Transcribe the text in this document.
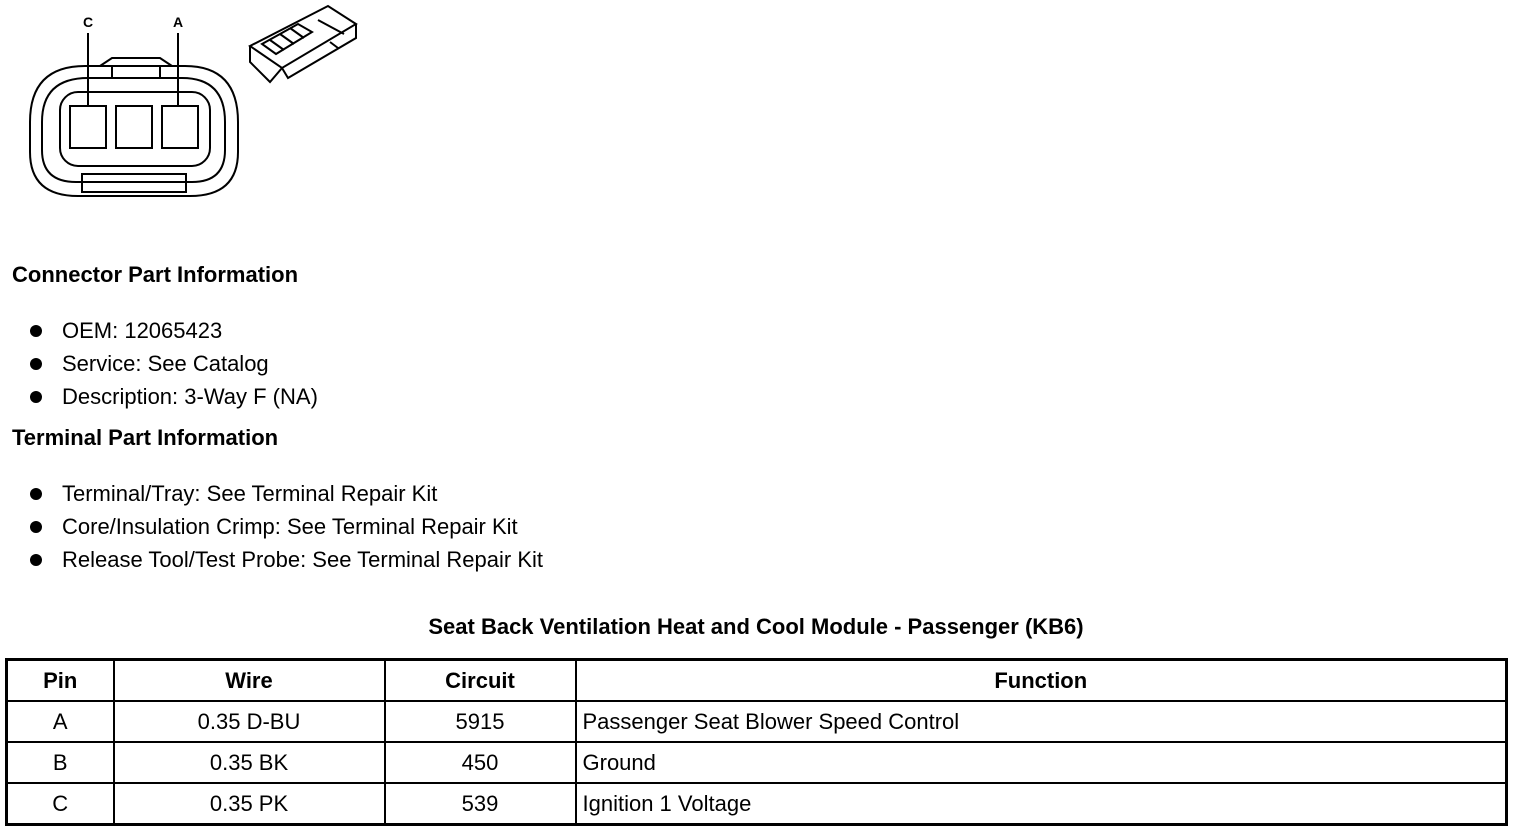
C	A
Connector Part Information
OEM: 12065423
Service: See Catalog
Description: 3-Way F (NA)
Terminal Part Information
Terminal/Tray: See Terminal Repair Kit
Core/Insulation Crimp: See Terminal Repair Kit
Release Tool/Test Probe: See Terminal Repair Kit
Seat Back Ventilation Heat and Cool Module - Passenger (KB6)
Pin	Wire	Circuit	Function
A	0.35 D-BU	5915	Passenger Seat Blower Speed Control
B	0.35 BK	450	Ground
C	0.35 PK	539	Ignition 1 Voltage
